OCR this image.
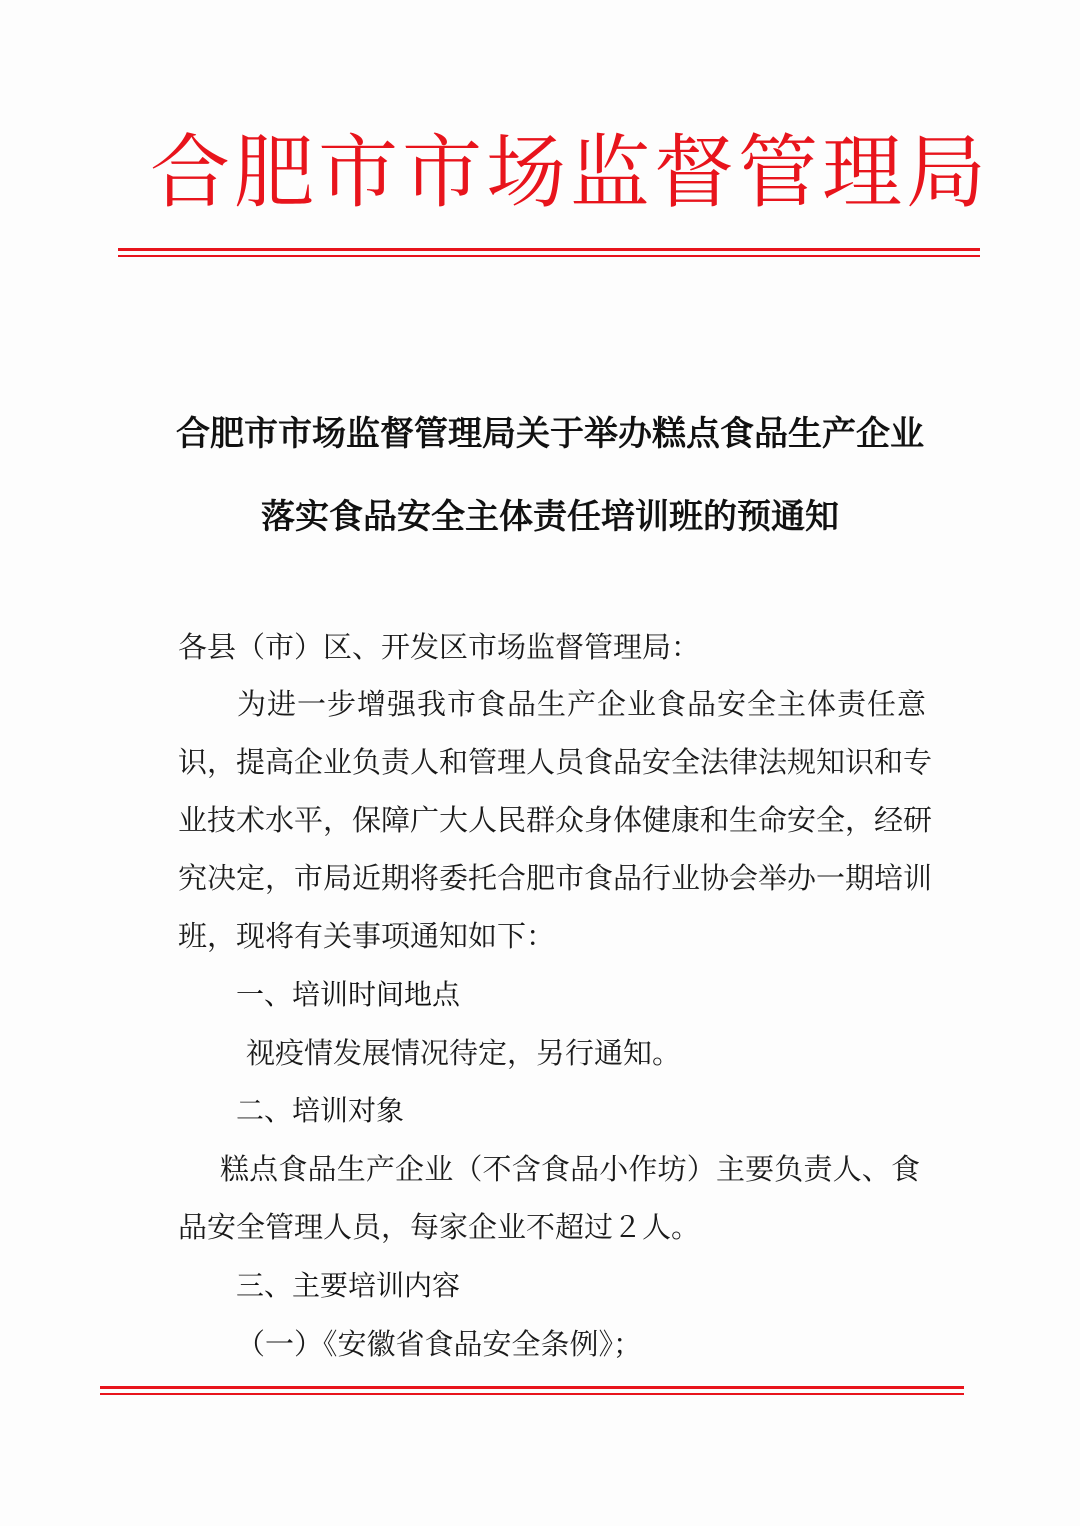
合肥市市场监督管理局
合肥市市场监督管理局关于举办糕点食品生产企业
落实食品安全主体责任培训班的预通知
各县（市）区、开发区市场监督管理局：
为进一步增强我市食品生产企业食品安全主体责任意
识，提高企业负责人和管理人员食品安全法律法规知识和专
业技术水平，保障广大人民群众身体健康和生命安全，经研
究决定，市局近期将委托合肥市食品行业协会举办一期培训
班，现将有关事项通知如下：
一、培训时间地点
视疫情发展情况待定，另行通知。
二、培训对象
糕点食品生产企业（不含食品小作坊）主要负责人、食
品安全管理人员，每家企业不超过２人。
三、主要培训内容
（一）《安徽省食品安全条例》；
